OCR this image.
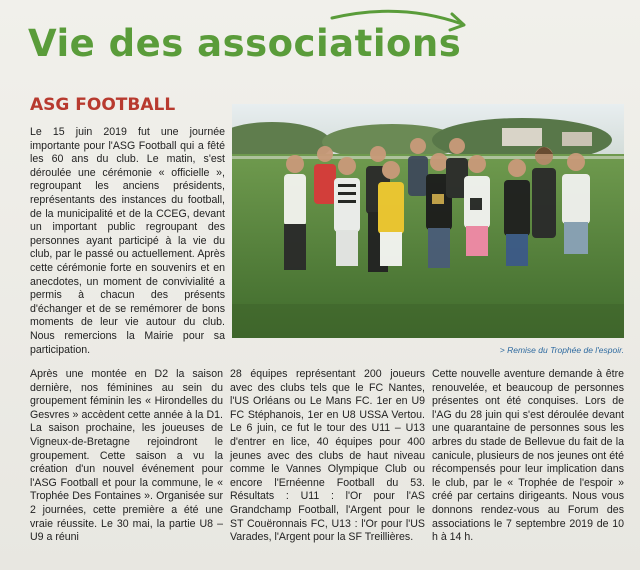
Vie des associations
ASG FOOTBALL

Le 15 juin 2019 fut une journée importante pour l'ASG Football qui a fêté les 60 ans du club. Le matin, s'est déroulée une cérémonie « officielle », regroupant les anciens présidents, représentants des instances du football, de la municipalité et de la CCEG, devant un important public regroupant des personnes ayant participé à la vie du club, par le passé ou actuellement. Après cette cérémonie forte en souvenirs et en anecdotes, un moment de convivialité a permis à chacun des présents d'échanger et de se remémorer de bons moments de leur vie autour du club. Nous remercions la Mairie pour sa participation.	> Remise du Trophée de l'espoir.

Après une montée en D2 la saison dernière, nos féminines au sein du groupement féminin les « Hirondelles du Gesvres » accèdent cette année à la D1. La saison prochaine, les joueuses de Vigneux-de-Bretagne rejoindront le groupement. Cette saison a vu la création d'un nouvel événement pour l'ASG Football et pour la commune, le « Trophée Des Fontaines ». Organisée sur 2 journées, cette première a été une vraie réussite. Le 30 mai, la partie U8 – U9 a réuni

28 équipes représentant 200 joueurs avec des clubs tels que le FC Nantes, l'US Orléans ou Le Mans FC. 1er en U9 FC Stéphanois, 1er en U8 USSA Vertou. Le 6 juin, ce fut le tour des U11 – U13 d'entrer en lice, 40 équipes pour 400 jeunes avec des clubs de haut niveau comme le Vannes Olympique Club ou encore l'Ernéenne Football du 53. Résultats : U11 : l'Or pour l'AS Grandchamp Football, l'Argent pour le ST Couëronnais FC, U13 : l'Or pour l'US Varades, l'Argent pour la SF Treillières.

Cette nouvelle aventure demande à être renouvelée, et beaucoup de personnes présentes ont été conquises. Lors de l'AG du 28 juin qui s'est déroulée devant une quarantaine de personnes sous les arbres du stade de Bellevue du fait de la canicule, plusieurs de nos jeunes ont été récompensés pour leur implication dans le club, par le « Trophée de l'espoir » créé par certains dirigeants. Nous vous donnons rendez-vous au Forum des associations le 7 septembre 2019 de 10 h à 14 h.
